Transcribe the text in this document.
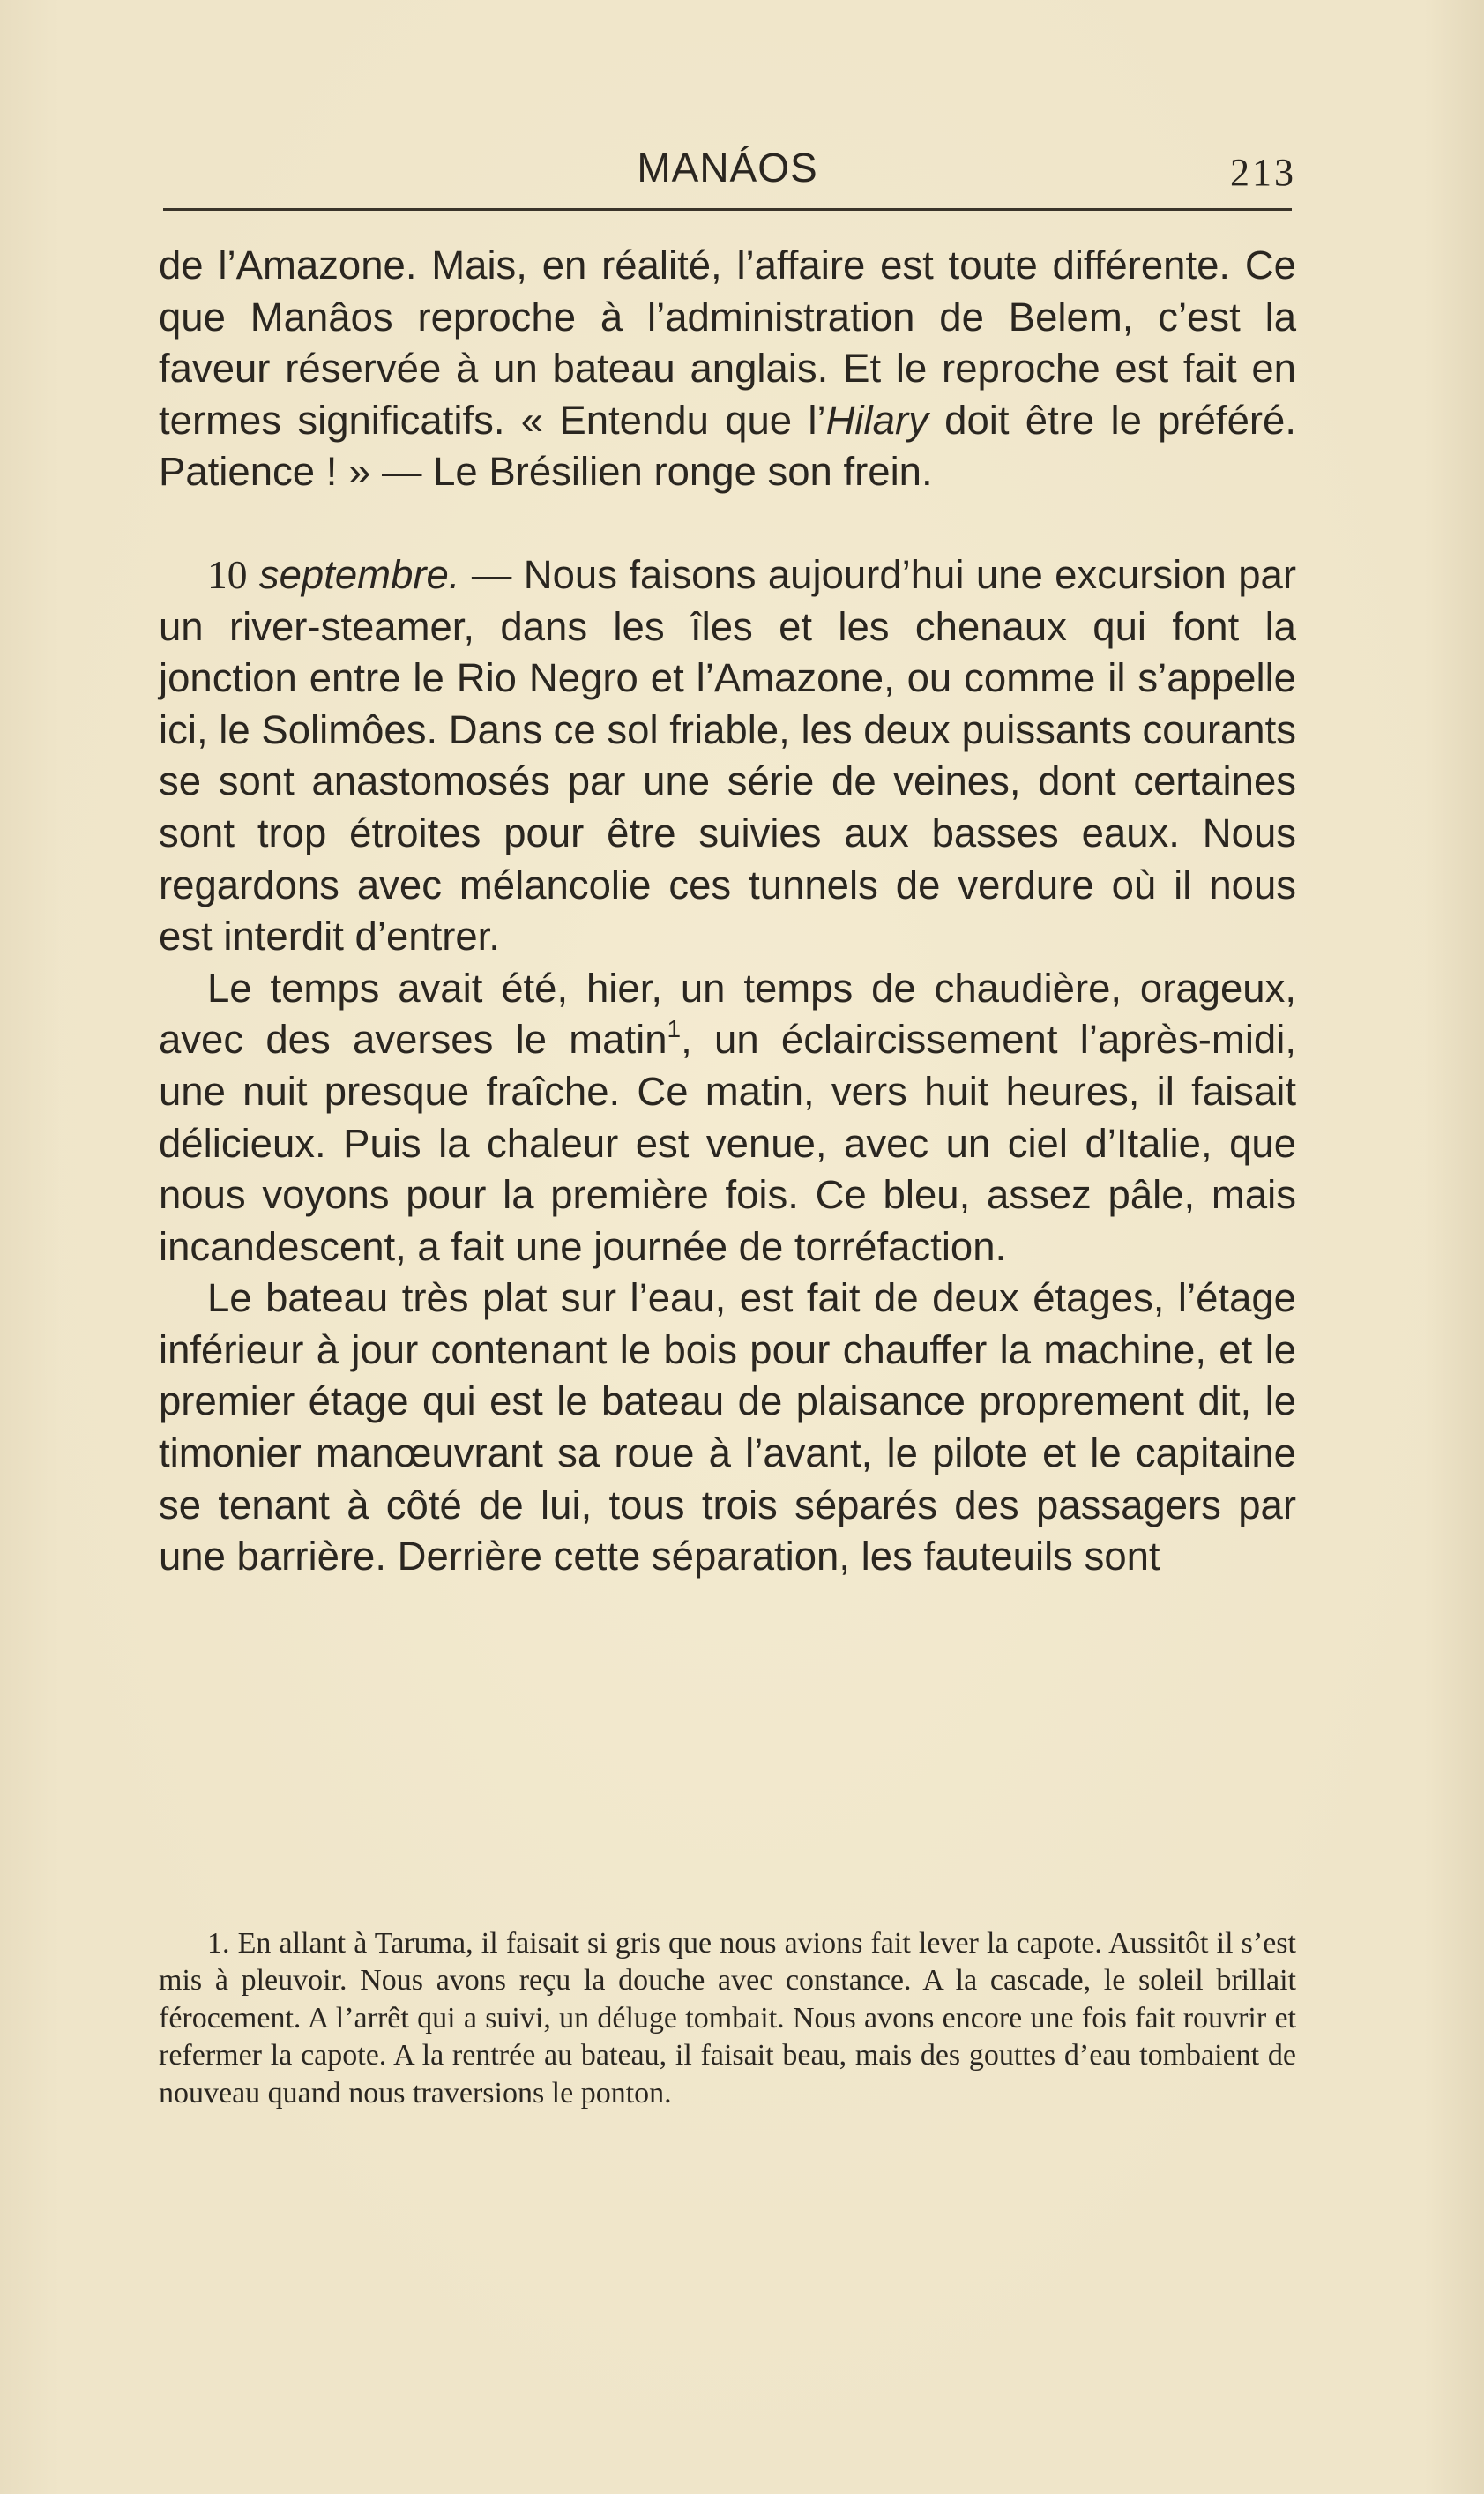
MANÁOS	213

de l’Amazone. Mais, en réalité, l’affaire est toute différente. Ce que Manâos reproche à l’administration de Belem, c’est la faveur réservée à un bateau anglais. Et le reproche est fait en termes significatifs. « Entendu que l’Hilary doit être le préféré. Patience ! » — Le Brésilien ronge son frein.

10 septembre. — Nous faisons aujourd’hui une excursion par un river-steamer, dans les îles et les chenaux qui font la jonction entre le Rio Negro et l’Amazone, ou comme il s’appelle ici, le Solimôes. Dans ce sol friable, les deux puissants courants se sont anastomosés par une série de veines, dont certaines sont trop étroites pour être suivies aux basses eaux. Nous regardons avec mélancolie ces tunnels de verdure où il nous est interdit d’entrer.

Le temps avait été, hier, un temps de chaudière, orageux, avec des averses le matin$^1$, un éclaircissement l’après-midi, une nuit presque fraîche. Ce matin, vers huit heures, il faisait délicieux. Puis la chaleur est venue, avec un ciel d’Italie, que nous voyons pour la première fois. Ce bleu, assez pâle, mais incandescent, a fait une journée de torréfaction.

Le bateau très plat sur l’eau, est fait de deux étages, l’étage inférieur à jour contenant le bois pour chauffer la machine, et le premier étage qui est le bateau de plaisance proprement dit, le timonier manœuvrant sa roue à l’avant, le pilote et le capitaine se tenant à côté de lui, tous trois séparés des passagers par une barrière. Derrière cette séparation, les fauteuils sont

1. En allant à Taruma, il faisait si gris que nous avions fait lever la capote. Aussitôt il s’est mis à pleuvoir. Nous avons reçu la douche avec constance. A la cascade, le soleil brillait férocement. A l’arrêt qui a suivi, un déluge tombait. Nous avons encore une fois fait rouvrir et refermer la capote. A la rentrée au bateau, il faisait beau, mais des gouttes d’eau tombaient de nouveau quand nous traversions le ponton.
